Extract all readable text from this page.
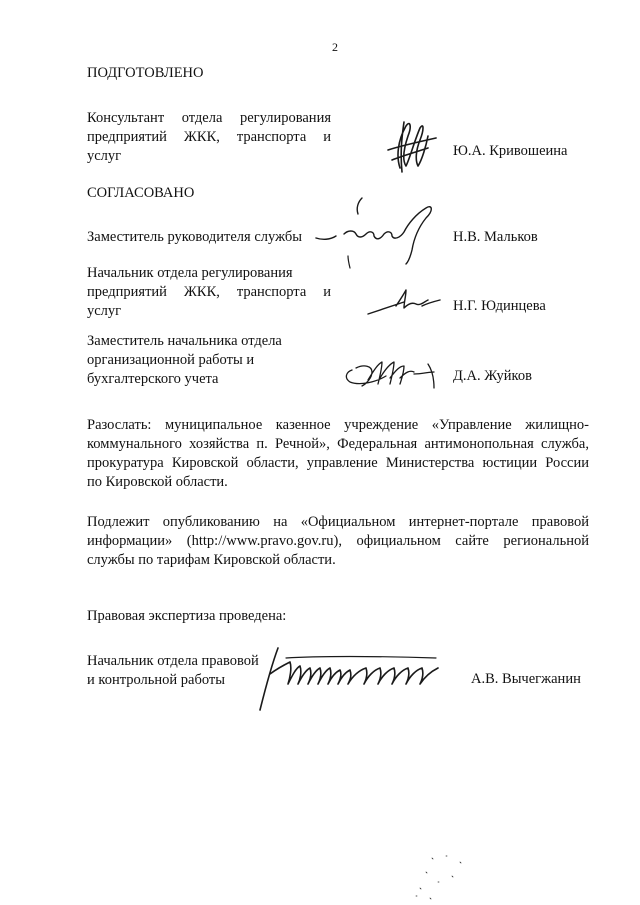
2
ПОДГОТОВЛЕНО
Консультант отдела регулирования
предприятий ЖКК, транспорта и
услуг	Ю.А. Кривошеина
СОГЛАСОВАНО
Заместитель руководителя службы	Н.В. Мальков
Начальник отдела регулирования
предприятий ЖКК, транспорта и
услуг	Н.Г. Юдинцева
Заместитель начальника отдела
организационной работы и
бухгалтерского учета	Д.А. Жуйков
Разослать: муниципальное казенное учреждение «Управление жилищно-
коммунального хозяйства п. Речной», Федеральная антимонопольная служба,
прокуратура Кировской области, управление Министерства юстиции России
по Кировской области.
Подлежит опубликованию на «Официальном интернет-портале правовой
информации» (http://www.pravo.gov.ru), официальном сайте региональной
службы по тарифам Кировской области.
Правовая экспертиза проведена:
Начальник отдела правовой
и контрольной работы	А.В. Вычегжанин
